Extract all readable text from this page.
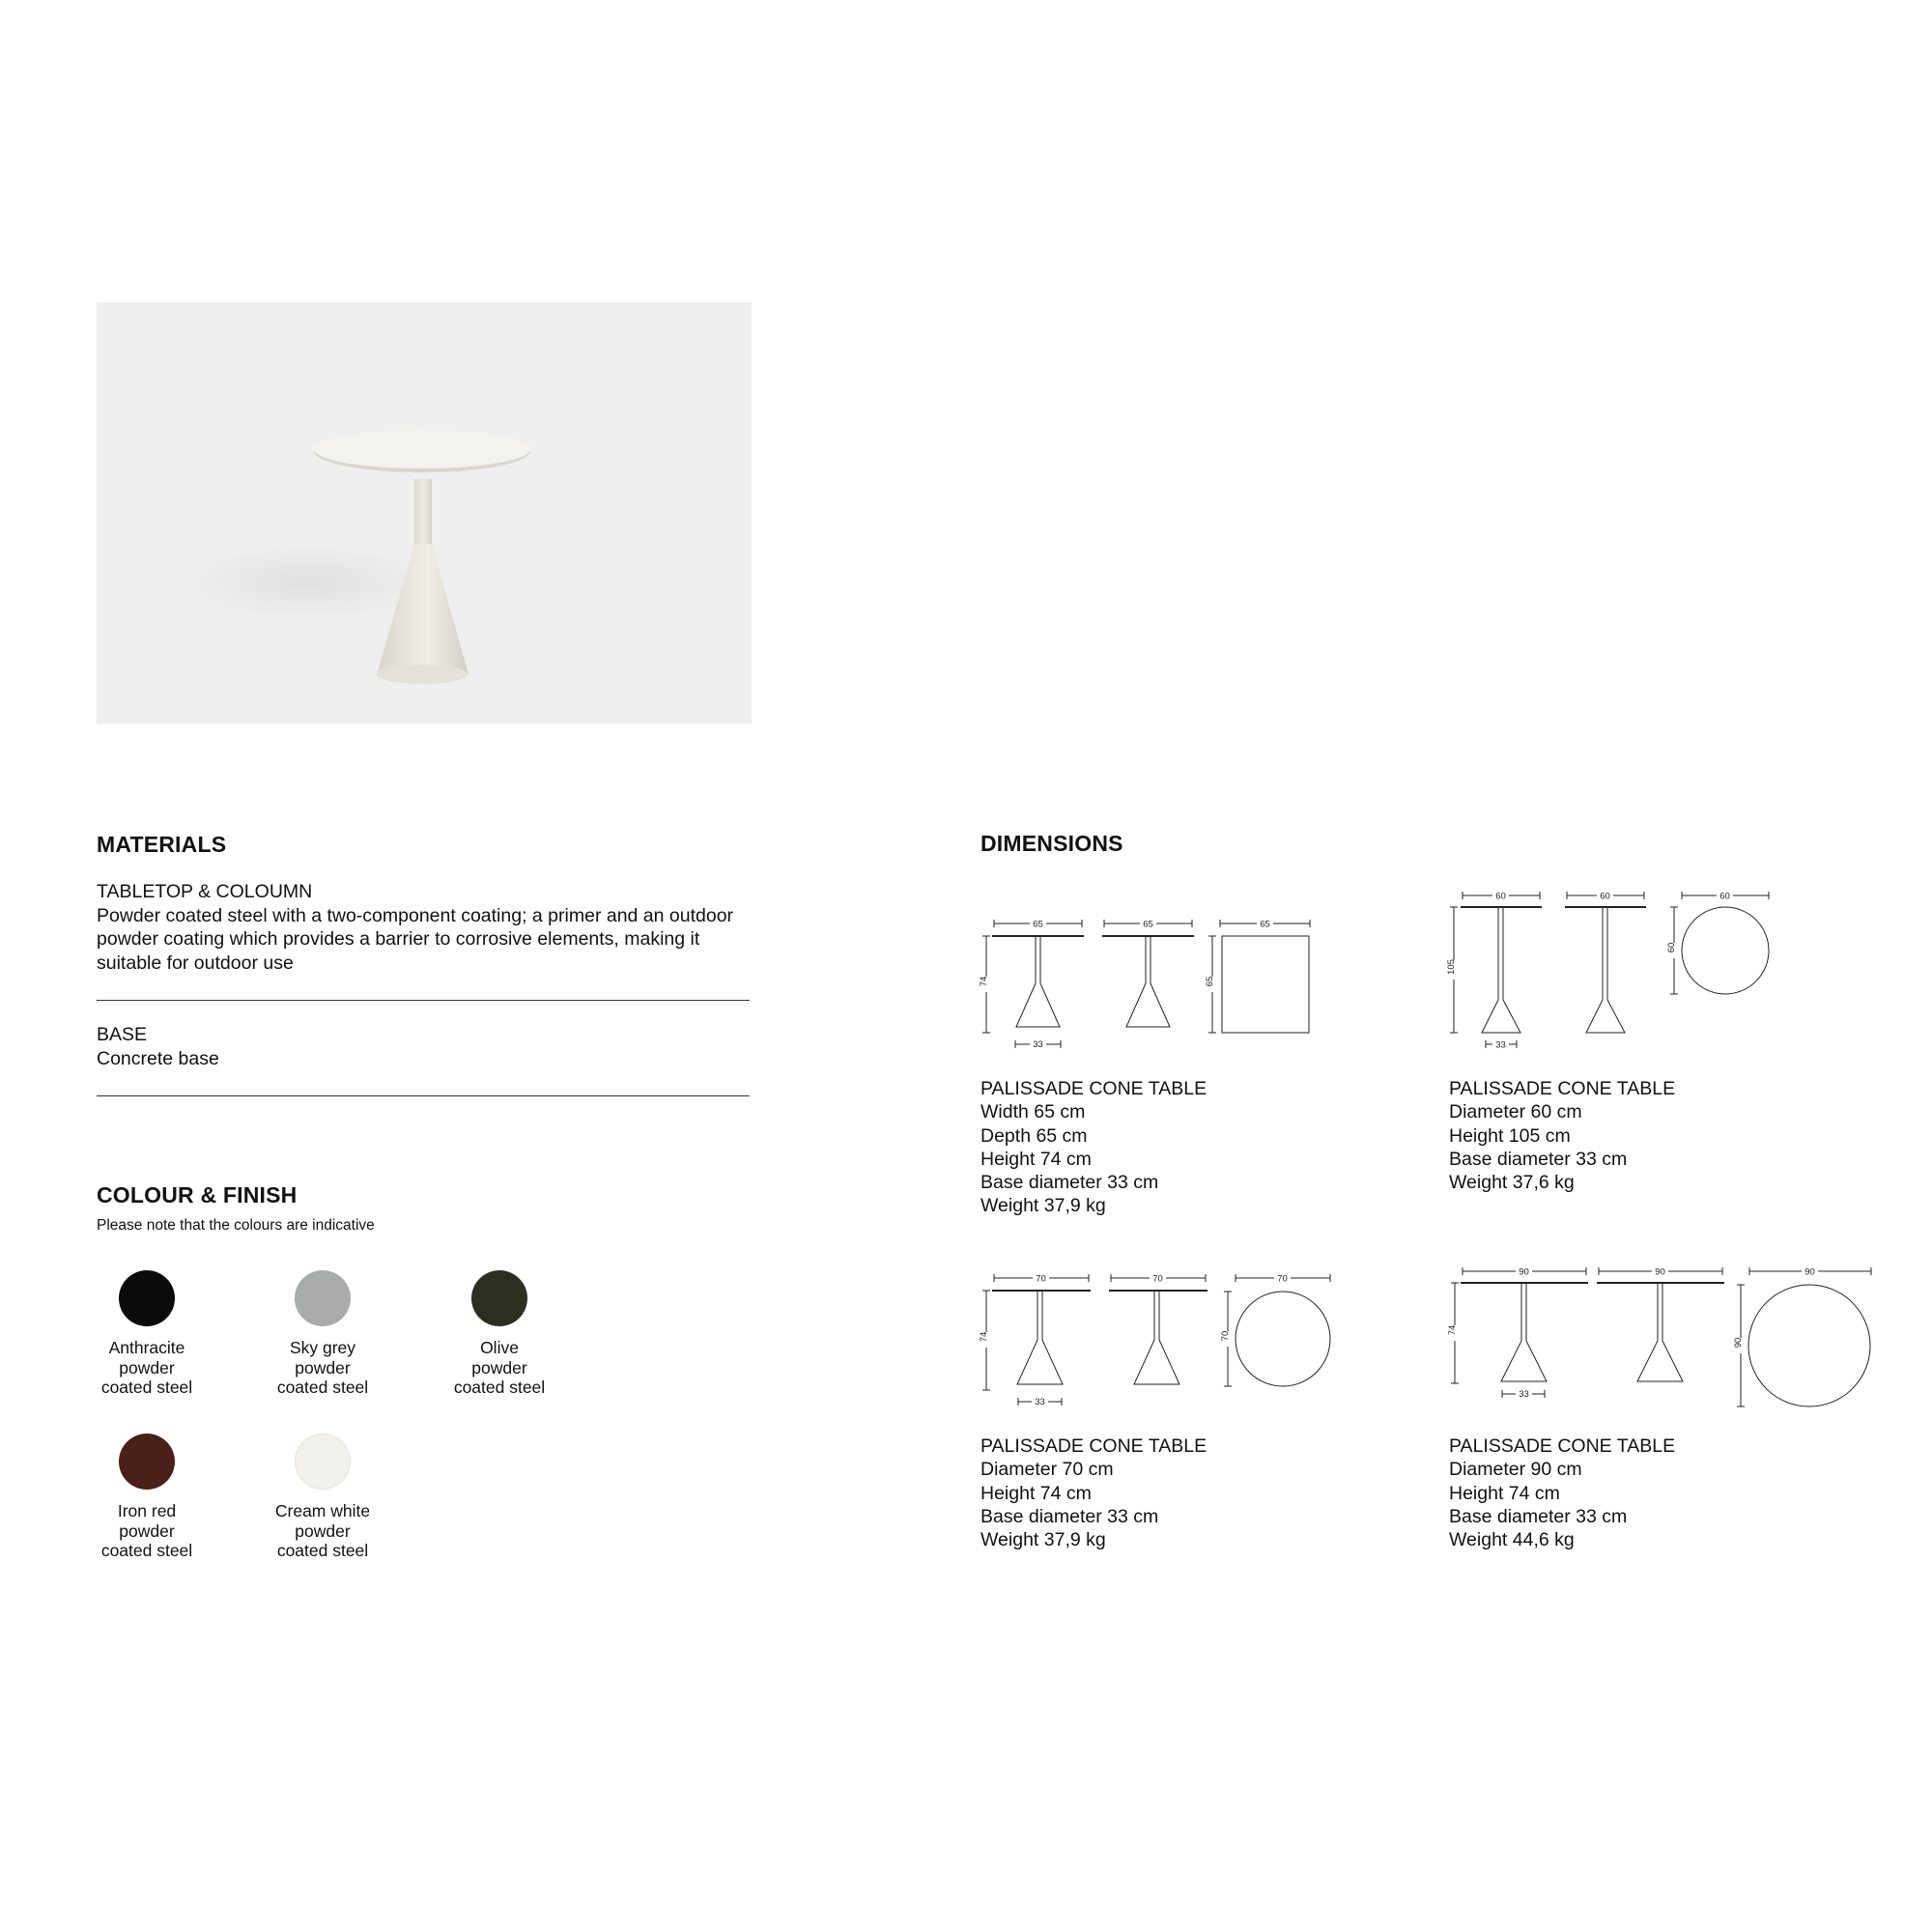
MATERIALS
TABLETOP & COLOUMN
Powder coated steel with a two-component coating; a primer and an outdoor powder coating which provides a barrier to corrosive elements, making it suitable for outdoor use
BASE
Concrete base
COLOUR & FINISH
Please note that the colours are indicative
Anthracite
powder
coated steel
Sky grey
powder
coated steel
Olive
powder
coated steel
Iron red
powder
coated steel
Cream white
powder
coated steel
DIMENSIONS
65	65	65
74
33
65
PALISSADE CONE TABLE
Width 65 cm
Depth 65 cm
Height 74 cm
Base diameter 33 cm
Weight 37,9 kg
60	60	60
105
33
60
PALISSADE CONE TABLE
Diameter 60 cm
Height 105 cm
Base diameter 33 cm
Weight 37,6 kg
70	70	70
74
33
70
PALISSADE CONE TABLE
Diameter 70 cm
Height 74 cm
Base diameter 33 cm
Weight 37,9 kg
90	90	90
74
33
90
PALISSADE CONE TABLE
Diameter 90 cm
Height 74 cm
Base diameter 33 cm
Weight 44,6 kg
